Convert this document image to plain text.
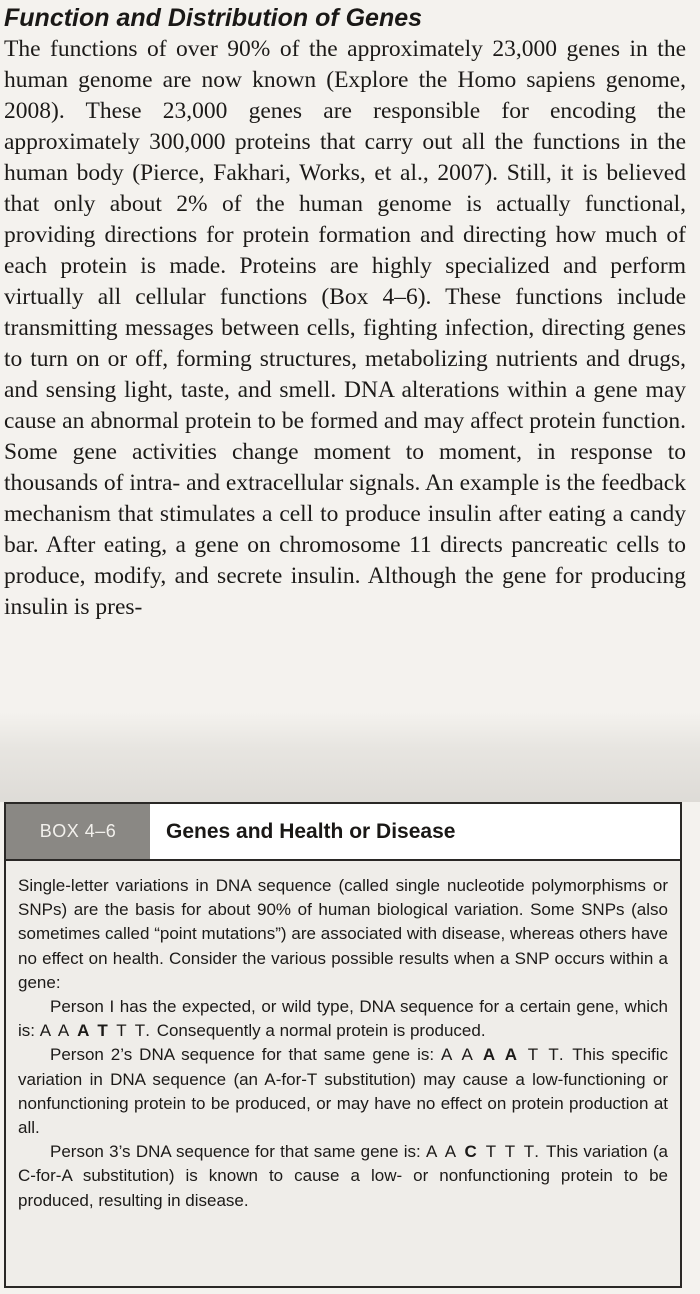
Function and Distribution of Genes

The functions of over 90% of the approximately 23,000 genes in the human genome are now known (Explore the Homo sapiens genome, 2008). These 23,000 genes are responsible for encoding the approximately 300,000 proteins that carry out all the functions in the human body (Pierce, Fakhari, Works, et al., 2007). Still, it is believed that only about 2% of the human genome is actually functional, providing directions for protein formation and directing how much of each protein is made. Proteins are highly specialized and perform virtually all cellular functions (Box 4–6). These functions include transmitting messages between cells, fighting infection, directing genes to turn on or off, forming structures, metabolizing nutrients and drugs, and sensing light, taste, and smell. DNA alterations within a gene may cause an abnormal protein to be formed and may affect protein function. Some gene activities change moment to moment, in response to thousands of intra- and extracellular signals. An example is the feedback mechanism that stimulates a cell to produce insulin after eating a candy bar. After eating, a gene on chromosome 11 directs pancreatic cells to produce, modify, and secrete insulin. Although the gene for producing insulin is pres-

BOX 4–6	Genes and Health or Disease

Single-letter variations in DNA sequence (called single nucleotide polymorphisms or SNPs) are the basis for about 90% of human biological variation. Some SNPs (also sometimes called “point mutations”) are associated with disease, whereas others have no effect on health. Consider the various possible results when a SNP occurs within a gene:

Person I has the expected, or wild type, DNA sequence for a certain gene, which is: A A A T T T. Consequently a normal protein is produced.

Person 2’s DNA sequence for that same gene is: A A A A T T. This specific variation in DNA sequence (an A-for-T substitution) may cause a low-functioning or nonfunctioning protein to be produced, or may have no effect on protein production at all.

Person 3’s DNA sequence for that same gene is: A A C T T T. This variation (a C-for-A substitution) is known to cause a low- or nonfunctioning protein to be produced, resulting in disease.
